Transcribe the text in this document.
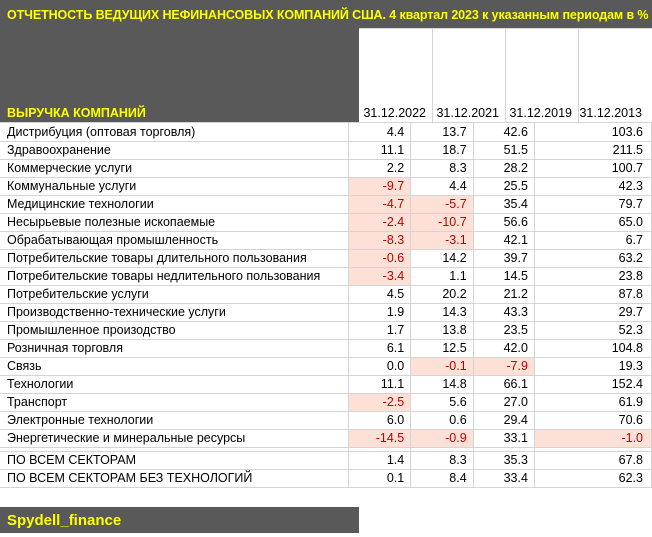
ОТЧЕТНОСТЬ ВЕДУЩИХ НЕФИНАНСОВЫХ КОМПАНИЙ США. 4 квартал 2023 к указанным периодам в %
ВЫРУЧКА КОМПАНИЙ	31.12.2022 31.12.2021 31.12.2019 31.12.2013
Дистрибуция (оптовая торговля)	4.4	13.7	42.6	103.6
Здравоохранение	11.1	18.7	51.5	211.5
Коммерческие услуги	2.2	8.3	28.2	100.7
Коммунальные услуги	-9.7	4.4	25.5	42.3
Медицинские технологии	-4.7	-5.7	35.4	79.7
Несырьевые полезные ископаемые	-2.4	-10.7	56.6	65.0
Обрабатывающая промышленность	-8.3	-3.1	42.1	6.7
Потребительские товары длительного пользования	-0.6	14.2	39.7	63.2
Потребительские товары недлительного пользования	-3.4	1.1	14.5	23.8
Потребительские услуги	4.5	20.2	21.2	87.8
Производственно-технические услуги	1.9	14.3	43.3	29.7
Промышленное произодство	1.7	13.8	23.5	52.3
Розничная торговля	6.1	12.5	42.0	104.8
Связь	0.0	-0.1	-7.9	19.3
Технологии	11.1	14.8	66.1	152.4
Транспорт	-2.5	5.6	27.0	61.9
Электронные технологии	6.0	0.6	29.4	70.6
Энергетические и минеральные ресурсы	-14.5	-0.9	33.1	-1.0

ПО ВСЕМ СЕКТОРАМ	1.4	8.3	35.3	67.8
ПО ВСЕМ СЕКТОРАМ БЕЗ ТЕХНОЛОГИЙ	0.1	8.4	33.4	62.3
Spydell_finance
